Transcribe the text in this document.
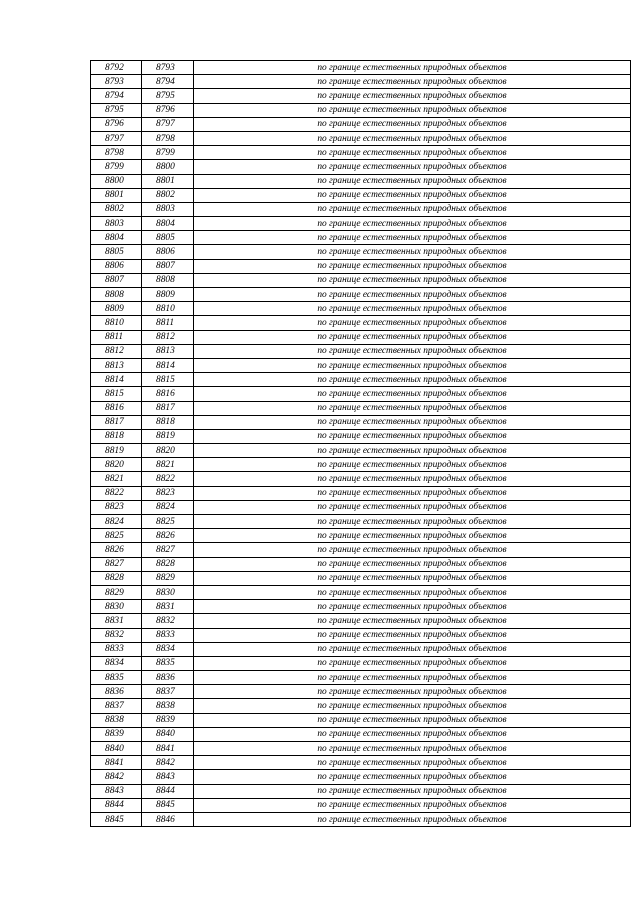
8792	8793	по границе естественных природных объектов
8793	8794	по границе естественных природных объектов
8794	8795	по границе естественных природных объектов
8795	8796	по границе естественных природных объектов
8796	8797	по границе естественных природных объектов
8797	8798	по границе естественных природных объектов
8798	8799	по границе естественных природных объектов
8799	8800	по границе естественных природных объектов
8800	8801	по границе естественных природных объектов
8801	8802	по границе естественных природных объектов
8802	8803	по границе естественных природных объектов
8803	8804	по границе естественных природных объектов
8804	8805	по границе естественных природных объектов
8805	8806	по границе естественных природных объектов
8806	8807	по границе естественных природных объектов
8807	8808	по границе естественных природных объектов
8808	8809	по границе естественных природных объектов
8809	8810	по границе естественных природных объектов
8810	8811	по границе естественных природных объектов
8811	8812	по границе естественных природных объектов
8812	8813	по границе естественных природных объектов
8813	8814	по границе естественных природных объектов
8814	8815	по границе естественных природных объектов
8815	8816	по границе естественных природных объектов
8816	8817	по границе естественных природных объектов
8817	8818	по границе естественных природных объектов
8818	8819	по границе естественных природных объектов
8819	8820	по границе естественных природных объектов
8820	8821	по границе естественных природных объектов
8821	8822	по границе естественных природных объектов
8822	8823	по границе естественных природных объектов
8823	8824	по границе естественных природных объектов
8824	8825	по границе естественных природных объектов
8825	8826	по границе естественных природных объектов
8826	8827	по границе естественных природных объектов
8827	8828	по границе естественных природных объектов
8828	8829	по границе естественных природных объектов
8829	8830	по границе естественных природных объектов
8830	8831	по границе естественных природных объектов
8831	8832	по границе естественных природных объектов
8832	8833	по границе естественных природных объектов
8833	8834	по границе естественных природных объектов
8834	8835	по границе естественных природных объектов
8835	8836	по границе естественных природных объектов
8836	8837	по границе естественных природных объектов
8837	8838	по границе естественных природных объектов
8838	8839	по границе естественных природных объектов
8839	8840	по границе естественных природных объектов
8840	8841	по границе естественных природных объектов
8841	8842	по границе естественных природных объектов
8842	8843	по границе естественных природных объектов
8843	8844	по границе естественных природных объектов
8844	8845	по границе естественных природных объектов
8845	8846	по границе естественных природных объектов
